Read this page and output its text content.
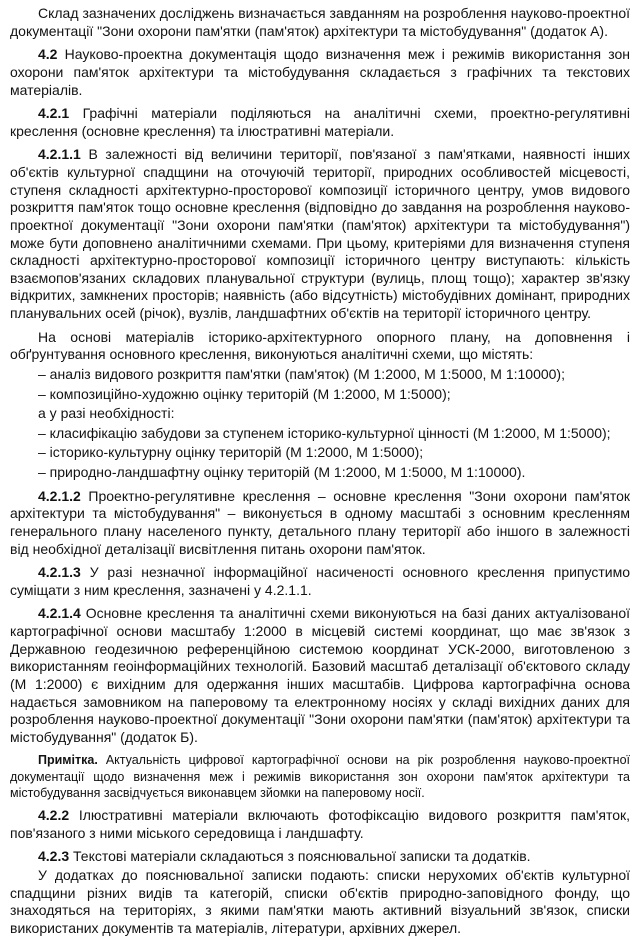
Склад зазначених досліджень визначається завданням на розроблення науково-проектної документації "Зони охорони пам'ятки (пам'яток) архітектури та містобудування" (додаток А).

4.2 Науково-проектна документація щодо визначення меж і режимів використання зон охорони пам'яток архітектури та містобудування складається з графічних та текстових матеріалів.

4.2.1 Графічні матеріали поділяються на аналітичні схеми, проектно-регулятивні креслення (основне креслення) та ілюстративні матеріали.

4.2.1.1 В залежності від величини території, пов'язаної з пам'ятками, наявності інших об'єктів культурної спадщини на оточуючій території, природних особливостей місцевості, ступеня складності архітектурно-просторової композиції історичного центру, умов видового розкриття пам'яток тощо основне креслення (відповідно до завдання на розроблення науково-проектної документації "Зони охорони пам'ятки (пам'яток) архітектури та містобудування") може бути доповнено аналітичними схемами. При цьому, критеріями для визначення ступеня складності архітектурно-просторової композиції історичного центру виступають: кількість взаємопов'язаних складових планувальної структури (вулиць, площ тощо); характер зв'язку відкритих, замкнених просторів; наявність (або відсутність) містобудівних домінант, природних планувальних осей (річок), вузлів, ландшафтних об'єктів на території історичного центру.

На основі матеріалів історико-архітектурного опорного плану, на доповнення і обґрунтування основного креслення, виконуються аналітичні схеми, що містять:

– аналіз видового розкриття пам'ятки (пам'яток) (М 1:2000, М 1:5000, М 1:10000);

– композиційно-художню оцінку територій (М 1:2000, М 1:5000);

а у разі необхідності:

– класифікацію забудови за ступенем історико-культурної цінності (М 1:2000, М 1:5000);

– історико-культурну оцінку територій (М 1:2000, М 1:5000);

– природно-ландшафтну оцінку територій (М 1:2000, М 1:5000, М 1:10000).

4.2.1.2 Проектно-регулятивне креслення – основне креслення "Зони охорони пам'яток архітектури та містобудування" – виконується в одному масштабі з основним кресленням генерального плану населеного пункту, детального плану території або іншого в залежності від необхідної деталізації висвітлення питань охорони пам'яток.

4.2.1.3 У разі незначної інформаційної насиченості основного креслення припустимо суміщати з ним креслення, зазначені у 4.2.1.1.

4.2.1.4 Основне креслення та аналітичні схеми виконуються на базі даних актуалізованої картографічної основи масштабу 1:2000 в місцевій системі координат, що має зв'язок з Державною геодезичною референційною системою координат УСК-2000, виготовленою з використанням геоінформаційних технологій. Базовий масштаб деталізації об'єктового складу (М 1:2000) є вихідним для одержання інших масштабів. Цифрова картографічна основа надається замовником на паперовому та електронному носіях у складі вихідних даних для розроблення науково-проектної документації "Зони охорони пам'ятки (пам'яток) архітектури та містобудування" (додаток Б).

Примітка. Актуальність цифрової картографічної основи на рік розроблення науково-проектної документації щодо визначення меж і режимів використання зон охорони пам'яток архітектури та містобудування засвідчується виконавцем зйомки на паперовому носії.

4.2.2 Ілюстративні матеріали включають фотофіксацію видового розкриття пам'яток, пов'язаного з ними міського середовища і ландшафту.

4.2.3 Текстові матеріали складаються з пояснювальної записки та додатків.

У додатках до пояснювальної записки подають: списки нерухомих об'єктів культурної спадщини різних видів та категорій, списки об'єктів природно-заповідного фонду, що знаходяться на територіях, з якими пам'ятки мають активний візуальний зв'язок, списки використаних документів та матеріалів, літератури, архівних джерел.
